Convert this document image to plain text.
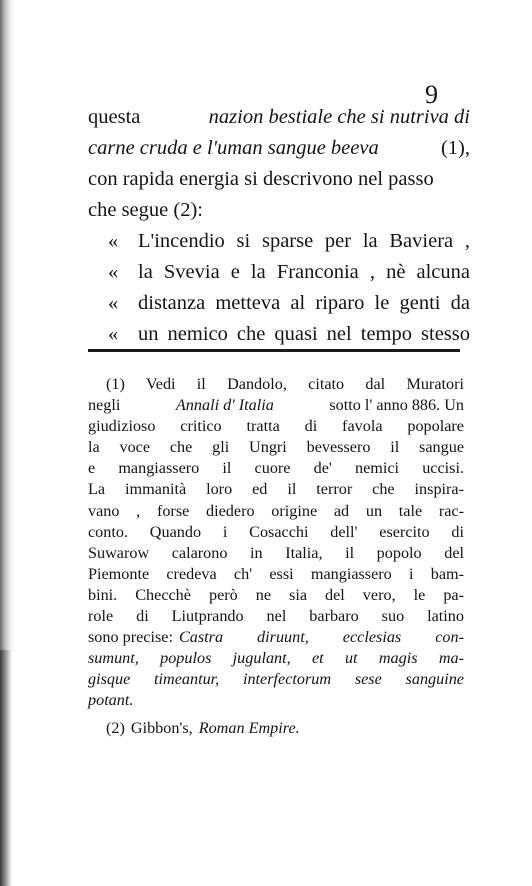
9
questa	nazion bestiale che si nutriva di
carne cruda e l'uman sangue beeva	(1),
con rapida energia si descrivono nel passo
che segue (2):
« L'incendio si sparse per la Baviera ,
« la Svevia e la Franconia , nè alcuna
« distanza metteva al riparo le genti da
« un nemico che quasi nel tempo stesso
(1) Vedi il Dandolo, citato dal Muratori
negli	Annali d' Italia	sotto l' anno 886. Un
giudizioso critico tratta di favola popolare
la voce che gli Ungri bevessero il sangue
e mangiassero il cuore de' nemici uccisi.
La immanità loro ed il terror che inspira-
vano , forse diedero origine ad un tale rac-
conto. Quando i Cosacchi dell' esercito di
Suwarow calarono in Italia, il popolo del
Piemonte credeva ch' essi mangiassero i bam-
bini. Checchè però ne sia del vero, le pa-
role di Liutprando nel barbaro suo latino
sono precise: Castra diruunt, ecclesias con-
sumunt, populos jugulant, et ut magis ma-
gisque timeantur, interfectorum sese sanguine
potant.
(2) Gibbon's, Roman Empire.
